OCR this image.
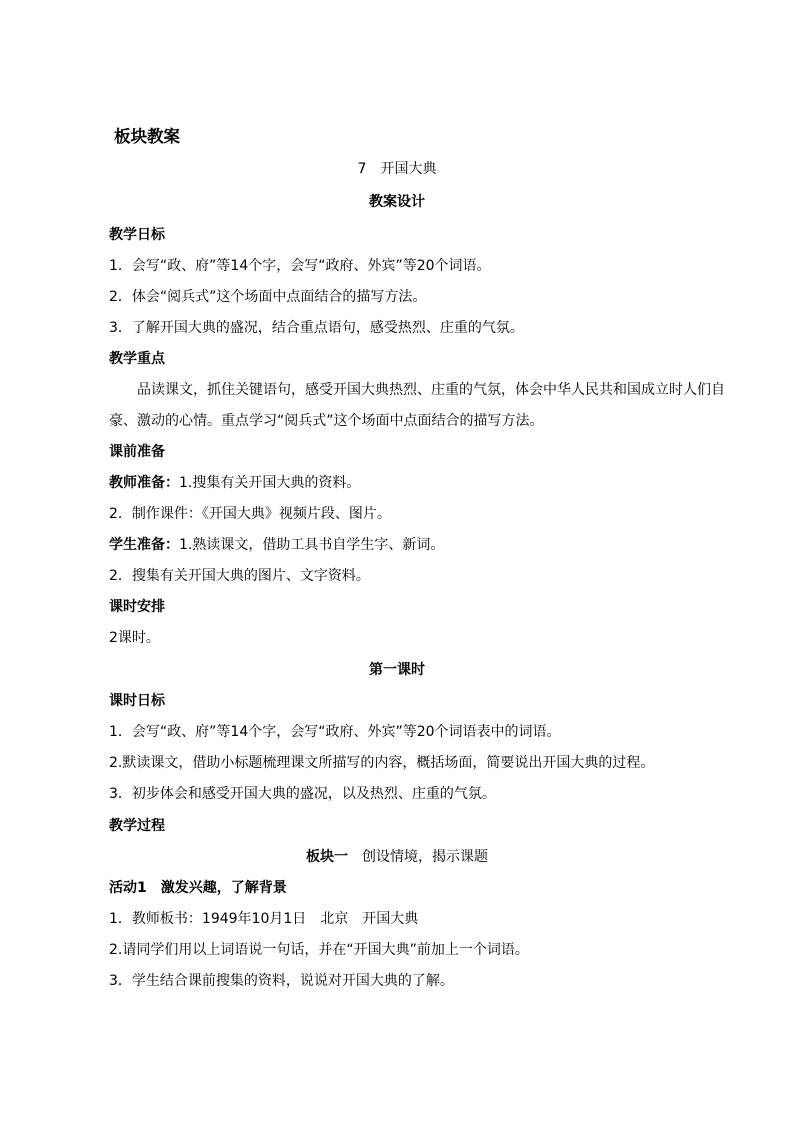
板块教案
7　开国大典
教案设计
教学日标
1．会写“政、府”等14个字，会写“政府、外宾”等20个词语。
2．体会“阅兵式”这个场面中点面结合的描写方法。
3．了解开国大典的盛况，结合重点语句，感受热烈、庄重的气氛。
教学重点
品读课文，抓住关键语句，感受开国大典热烈、庄重的气氛，体会中华人民共和国成立时人们自豪、激动的心情。重点学习“阅兵式”这个场面中点面结合的描写方法。
课前准备
教师准备：1.搜集有关开国大典的资料。
2．制作课件：《开国大典》视频片段、图片。
学生准备：1.熟读课文，借助工具书自学生字、新词。
2．搜集有关开国大典的图片、文字资料。
课时安排
2课时。
第一课时
课时日标
1．会写“政、府”等14个字，会写“政府、外宾”等20个词语表中的词语。
2.默读课文，借助小标题梳理课文所描写的内容，概括场面，简要说出开国大典的过程。
3．初步体会和感受开国大典的盛况，以及热烈、庄重的气氛。
教学过程
板块一　创设情境，揭示课题
活动1　激发兴趣，了解背景
1．教师板书：1949年10月1日　北京　开国大典
2.请同学们用以上词语说一句话，并在“开国大典”前加上一个词语。
3．学生结合课前搜集的资料，说说对开国大典的了解。
